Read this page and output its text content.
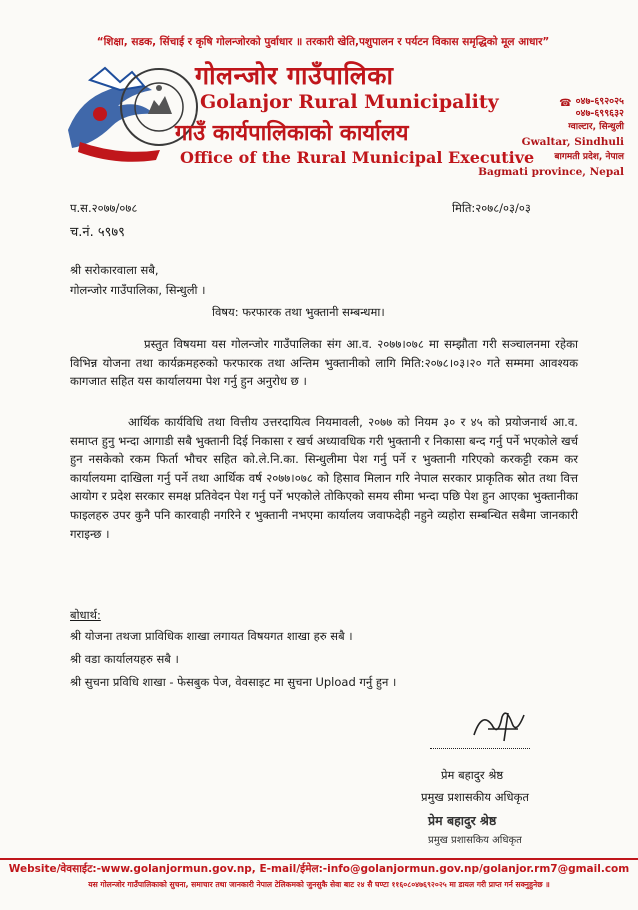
“शिक्षा, सडक, सिंचाई र कृषि गोलन्जोरको पुर्वाधार ॥ तरकारी खेति,पशुपालन र पर्यटन विकास समृद्धिको मूल आधार”
गोलन्जोर गाउँपालिका
Golanjor Rural Municipality
गाउँ कार्यपालिकाको कार्यालय
Office of the Rural Municipal Executive
☎ ०४७-६९२०२५
०४७-६९९६३२
ग्वाल्टार, सिन्धुली
Gwaltar, Sindhuli
बागमती प्रदेश, नेपाल
Bagmati province, Nepal
प.स.२०७७/०७८
च.नं. ५९७९
मिति:२०७८/०३/०३
श्री सरोकारवाला सबै,
गोलन्जोर गाउँपालिका, सिन्धुली ।
विषय: फरफारक तथा भुक्तानी सम्बन्धमा।
प्रस्तुत विषयमा यस गोलन्जोर गाउँपालिका संग आ.व. २०७७।०७८ मा सम्झौता गरी सञ्चालनमा रहेका विभिन्न योजना तथा कार्यक्रमहरुको फरफारक तथा अन्तिम भुक्तानीको लागि मिति:२०७८।०३।२० गते सम्ममा आवश्यक कागजात सहित यस कार्यालयमा पेश गर्नु हुन अनुरोध छ ।
आर्थिक कार्यविधि तथा वित्तीय उत्तरदायित्व नियमावली, २०७७ को नियम ३० र ४५ को प्रयोजनार्थ आ.व. समाप्त हुनु भन्दा आगाडी सबै भुक्तानी दिई निकासा र खर्च अध्यावधिक गरी भुक्तानी र निकासा बन्द गर्नु पर्ने भएकोले खर्च हुन नसकेको रकम फिर्ता भौचर सहित को.ले.नि.का. सिन्धुलीमा पेश गर्नु पर्ने र भुक्तानी गरिएको करकट्टी रकम कर कार्यालयमा दाखिला गर्नु पर्ने तथा आर्थिक वर्ष २०७७।०७८ को हिसाव मिलान गरि नेपाल सरकार प्राकृतिक स्रोत तथा वित्त आयोग र प्रदेश सरकार समक्ष प्रतिवेदन पेश गर्नु पर्ने भएकोले तोकिएको समय सीमा भन्दा पछि पेश हुन आएका भुक्तानीका फाइलहरु उपर कुनै पनि कारवाही नगरिने र भुक्तानी नभएमा कार्यालय जवाफदेही नहुने व्यहोरा सम्बन्धित सबैमा जानकारी गराइन्छ ।
बोधार्थ:
श्री योजना तथजा प्राविधिक शाखा लगायत विषयगत शाखा हरु सबै ।
श्री वडा कार्यालयहरु सबै ।
श्री सुचना प्रविधि शाखा - फेसबुक पेज, वेवसाइट मा सुचना Upload गर्नु हुन ।
प्रेम बहादुर श्रेष्ठ
प्रमुख प्रशासकीय अधिकृत
प्रेम बहादुर श्रेष्ठ
प्रमुख प्रशासकिय अधिकृत
Website/वेवसाईट:-www.golanjormun.gov.np, E-mail/ईमेल:-info@golanjormun.gov.np/golanjor.rm7@gmail.com
यस गोलन्जोर गाउँपालिकाको सुचना, समाचार तथा जानकारी नेपाल टेलिकमको जुनसुकै सेवा बाट २४ सै घण्टा ११६०८०४७६९२०२५ मा डायल गरी प्राप्त गर्न सक्नुहुनेछ ॥
